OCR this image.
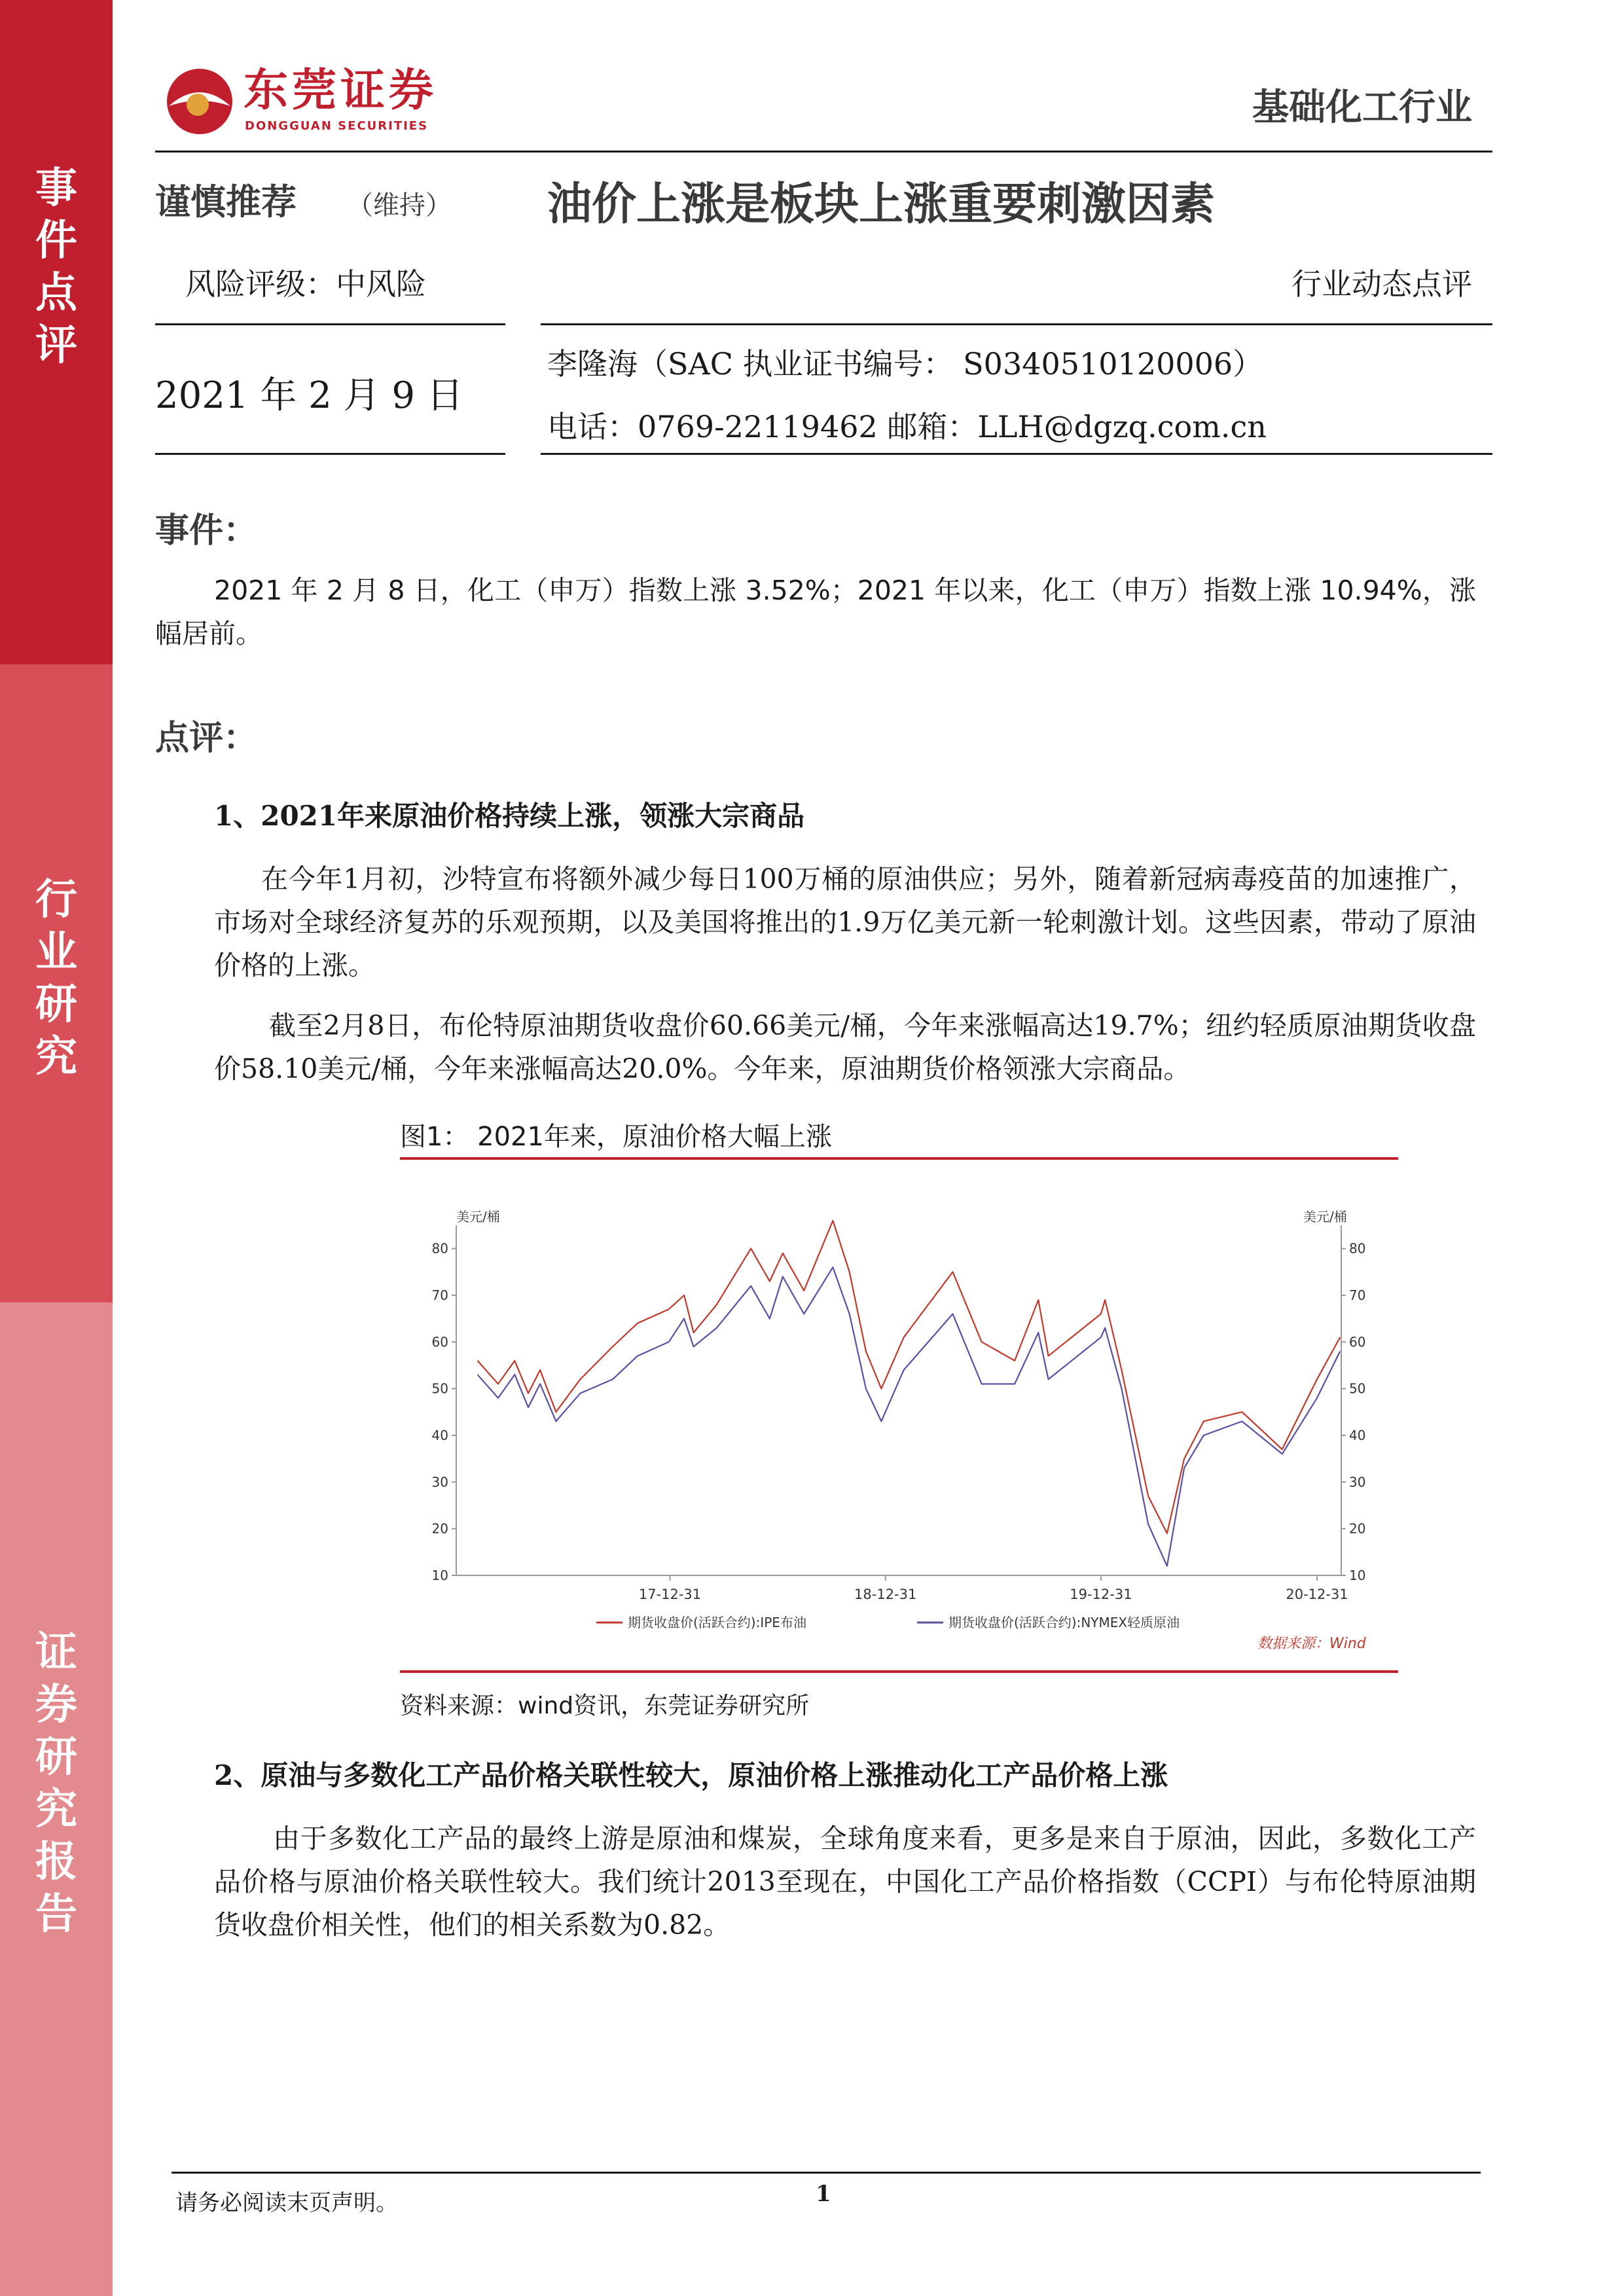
事件点评
行业研究
证券研究报告
东莞证券
DONGGUAN SECURITIES	基础化工行业
谨慎推荐 （维持）
风险评级：中风险
2021 年 2 月 9 日
油价上涨是板块上涨重要刺激因素
行业动态点评
李隆海（SAC 执业证书编号： S0340510120006）
电话：0769-22119462 邮箱：LLH@dgzq.com.cn
事件：

2021 年 2 月 8 日，化工（申万）指数上涨 3.52%；2021 年以来，化工（申万）指数上涨 10.94%，涨幅居前。

点评：
1、2021年来原油价格持续上涨，领涨大宗商品

在今年1月初，沙特宣布将额外减少每日100万桶的原油供应；另外，随着新冠病毒疫苗的加速推广，市场对全球经济复苏的乐观预期，以及美国将推出的1.9万亿美元新一轮刺激计划。这些因素，带动了原油价格的上涨。

截至2月8日，布伦特原油期货收盘价60.66美元/桶，今年来涨幅高达19.7%；纽约轻质原油期货收盘价58.10美元/桶，今年来涨幅高达20.0%。今年来，原油期货价格领涨大宗商品。

图1： 2021年来，原油价格大幅上涨
美元/桶	美元/桶
10	10
20	20
30	30
40	40
50	50
60	60
70	70
80	80
17-12-31	18-12-31	19-12-31	20-12-31
期货收盘价(活跃合约):IPE布油	期货收盘价(活跃合约):NYMEX轻质原油
数据来源：Wind
资料来源：wind资讯，东莞证券研究所
2、原油与多数化工产品价格关联性较大，原油价格上涨推动化工产品价格上涨

由于多数化工产品的最终上游是原油和煤炭，全球角度来看，更多是来自于原油，因此，多数化工产品价格与原油价格关联性较大。我们统计2013至现在，中国化工产品价格指数（CCPI）与布伦特原油期货收盘价相关性，他们的相关系数为0.82。

请务必阅读末页声明。	1
